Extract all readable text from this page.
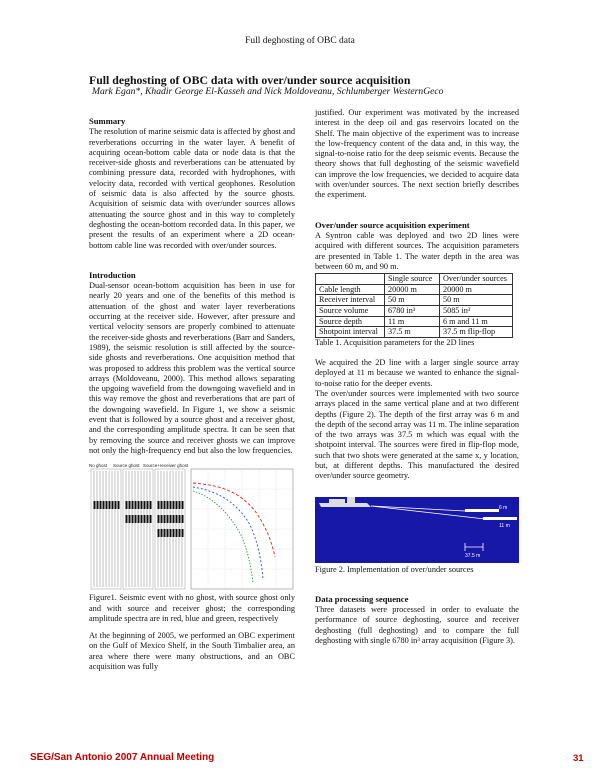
Full deghosting of OBC data
Full deghosting of OBC data with over/under source acquisition
Mark Egan*, Khadir George El-Kasseh and Nick Moldoveanu, Schlumberger WesternGeco
Summary

The resolution of marine seismic data is affected by ghost and reverberations occurring in the water layer. A benefit of acquiring ocean-bottom cable data or node data is that the receiver-side ghosts and reverberations can be attenuated by combining pressure data, recorded with hydrophones, with velocity data, recorded with vertical geophones. Resolution of seismic data is also affected by the source ghosts. Acquisition of seismic data with over/under sources allows attenuating the source ghost and in this way to completely deghosting the ocean-bottom recorded data. In this paper, we present the results of an experiment where a 2D ocean-bottom cable line was recorded with over/under sources.

Introduction

Dual-sensor ocean-bottom acquisition has been in use for nearly 20 years and one of the benefits of this method is attenuation of the ghost and water layer reverberations occurring at the receiver side. However, after pressure and vertical velocity sensors are properly combined to attenuate the receiver-side ghosts and reverberations (Barr and Sanders, 1989), the seismic resolution is still affected by the source-side ghosts and reverberations. One acquisition method that was proposed to address this problem was the vertical source arrays (Moldoveanu, 2000). This method allows separating the upgoing wavefield from the downgoing wavefield and in this way remove the ghost and reverberations that are part of the downgoing wavefield. In Figure 1, we show a seismic event that is followed by a source ghost and a receiver ghost, and the corresponding amplitude spectra. It can be seen that by removing the source and receiver ghosts we can improve not only the high-frequency end but also the low frequencies.

No ghost Source ghost Source+receiver ghost

Figure1. Seismic event with no ghost, with source ghost only and with source and receiver ghost; the corresponding amplitude spectra are in red, blue and green, respectively

At the beginning of 2005, we performed an OBC experiment on the Gulf of Mexico Shelf, in the South Timbalier area, an area where there were many obstructions, and an OBC acquisition was fully

justified. Our experiment was motivated by the increased interest in the deep oil and gas reservoirs located on the Shelf. The main objective of the experiment was to increase the low-frequency content of the data and, in this way, the signal-to-noise ratio for the deep seismic events. Because the theory shows that full deghosting of the seismic wavefield can improve the low frequencies, we decided to acquire data with over/under sources. The next section briefly describes the experiment.

Over/under source acquisition experiment

A Syntron cable was deployed and two 2D lines were acquired with different sources. The acquisition parameters are presented in Table 1. The water depth in the area was between 60 m, and 90 m.

	Single source	Over/under sources
Cable length	20000 m	20000 m
Receiver interval	50 m	50 m
Source volume	6780 in³	5085 in³
Source depth	11 m	6 m and 11 m
Shotpoint interval	37.5 m	37.5 m flip-flop

Table 1. Acquisition parameters for the 2D lines

We acquired the 2D line with a larger single source array deployed at 11 m because we wanted to enhance the signal-to-noise ratio for the deeper events.

The over/under sources were implemented with two source arrays placed in the same vertical plane and at two different depths (Figure 2). The depth of the first array was 6 m and the depth of the second array was 11 m. The inline separation of the two arrays was 37.5 m which was equal with the shotpoint interval. The sources were fired in flip-flop mode, such that two shots were generated at the same x, y location, but, at different depths. This manufactured the desired over/under source geometry.

6 m
11 m
37.5 m

Figure 2. Implementation of over/under sources

Data processing sequence

Three datasets were processed in order to evaluate the performance of source deghosting, source and receiver deghosting (full deghosting) and to compare the full deghosting with single 6780 in³ array acquisition (Figure 3).

SEG/San Antonio 2007 Annual Meeting	31
